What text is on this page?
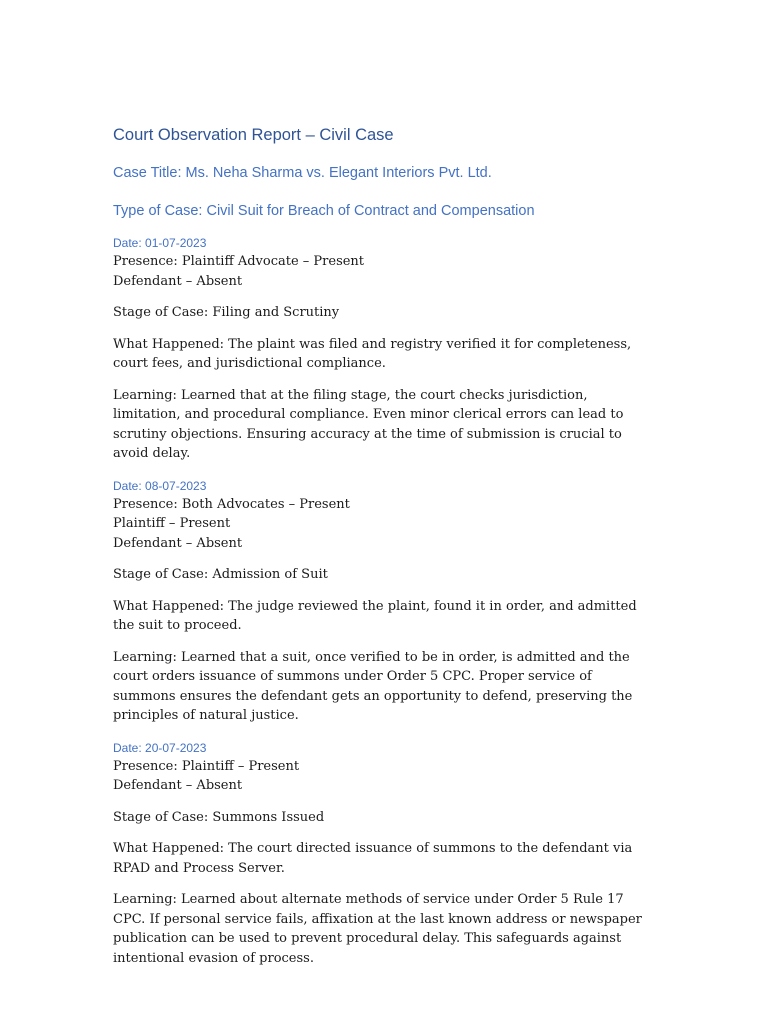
Court Observation Report – Civil Case
Case Title: Ms. Neha Sharma vs. Elegant Interiors Pvt. Ltd.
Type of Case: Civil Suit for Breach of Contract and Compensation
Date: 01-07-2023
Presence: Plaintiff Advocate – Present
Defendant – Absent
Stage of Case: Filing and Scrutiny
What Happened: The plaint was filed and registry verified it for completeness, court fees, and jurisdictional compliance.
Learning: Learned that at the filing stage, the court checks jurisdiction, limitation, and procedural compliance. Even minor clerical errors can lead to scrutiny objections. Ensuring accuracy at the time of submission is crucial to avoid delay.
Date: 08-07-2023
Presence: Both Advocates – Present
Plaintiff – Present
Defendant – Absent
Stage of Case: Admission of Suit
What Happened: The judge reviewed the plaint, found it in order, and admitted the suit to proceed.
Learning: Learned that a suit, once verified to be in order, is admitted and the court orders issuance of summons under Order 5 CPC. Proper service of summons ensures the defendant gets an opportunity to defend, preserving the principles of natural justice.
Date: 20-07-2023
Presence: Plaintiff – Present
Defendant – Absent
Stage of Case: Summons Issued
What Happened: The court directed issuance of summons to the defendant via RPAD and Process Server.
Learning: Learned about alternate methods of service under Order 5 Rule 17 CPC. If personal service fails, affixation at the last known address or newspaper publication can be used to prevent procedural delay. This safeguards against intentional evasion of process.
